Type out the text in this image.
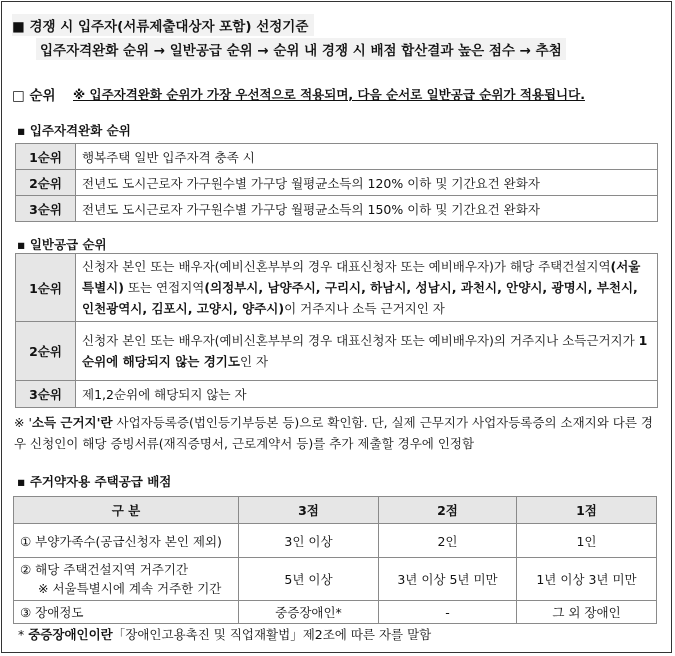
■ 경쟁 시 입주자(서류제출대상자 포함) 선정기준
입주자격완화 순위 → 일반공급 순위 → 순위 내 경쟁 시 배점 합산결과 높은 점수 → 추첨
□ 순위 ※ 입주자격완화 순위가 가장 우선적으로 적용되며, 다음 순서로 일반공급 순위가 적용됩니다.
▪ 입주자격완화 순위
1순위	행복주택 일반 입주자격 충족 시
2순위	전년도 도시근로자 가구원수별 가구당 월평균소득의 120% 이하 및 기간요건 완화자
3순위	전년도 도시근로자 가구원수별 가구당 월평균소득의 150% 이하 및 기간요건 완화자
▪ 일반공급 순위
1순위	신청자 본인 또는 배우자(예비신혼부부의 경우 대표신청자 또는 예비배우자)가 해당 주택건설지역(서울특별시) 또는 연접지역(의정부시, 남양주시, 구리시, 하남시, 성남시, 과천시, 안양시, 광명시, 부천시, 인천광역시, 김포시, 고양시, 양주시)이 거주지나 소득 근거지인 자
2순위	신청자 본인 또는 배우자(예비신혼부부의 경우 대표신청자 또는 예비배우자)의 거주지나 소득근거지가 1순위에 해당되지 않는 경기도인 자
3순위	제1,2순위에 해당되지 않는 자
※ '소득 근거지'란 사업자등록증(법인등기부등본 등)으로 확인함. 단, 실제 근무지가 사업자등록증의 소재지와 다른 경우 신청인이 해당 증빙서류(재직증명서, 근로계약서 등)를 추가 제출할 경우에 인정함
▪ 주거약자용 주택공급 배점
구 분	3점	2점	1점
① 부양가족수(공급신청자 본인 제외)	3인 이상	2인	1인

② 해당 주택건설지역 거주기간
※ 서울특별시에 계속 거주한 기간	5년 이상	3년 이상 5년 미만	1년 이상 3년 미만
③ 장애정도	중증장애인*	-	그 외 장애인
* 중증장애인이란「장애인고용촉진 및 직업재활법」제2조에 따른 자를 말함
